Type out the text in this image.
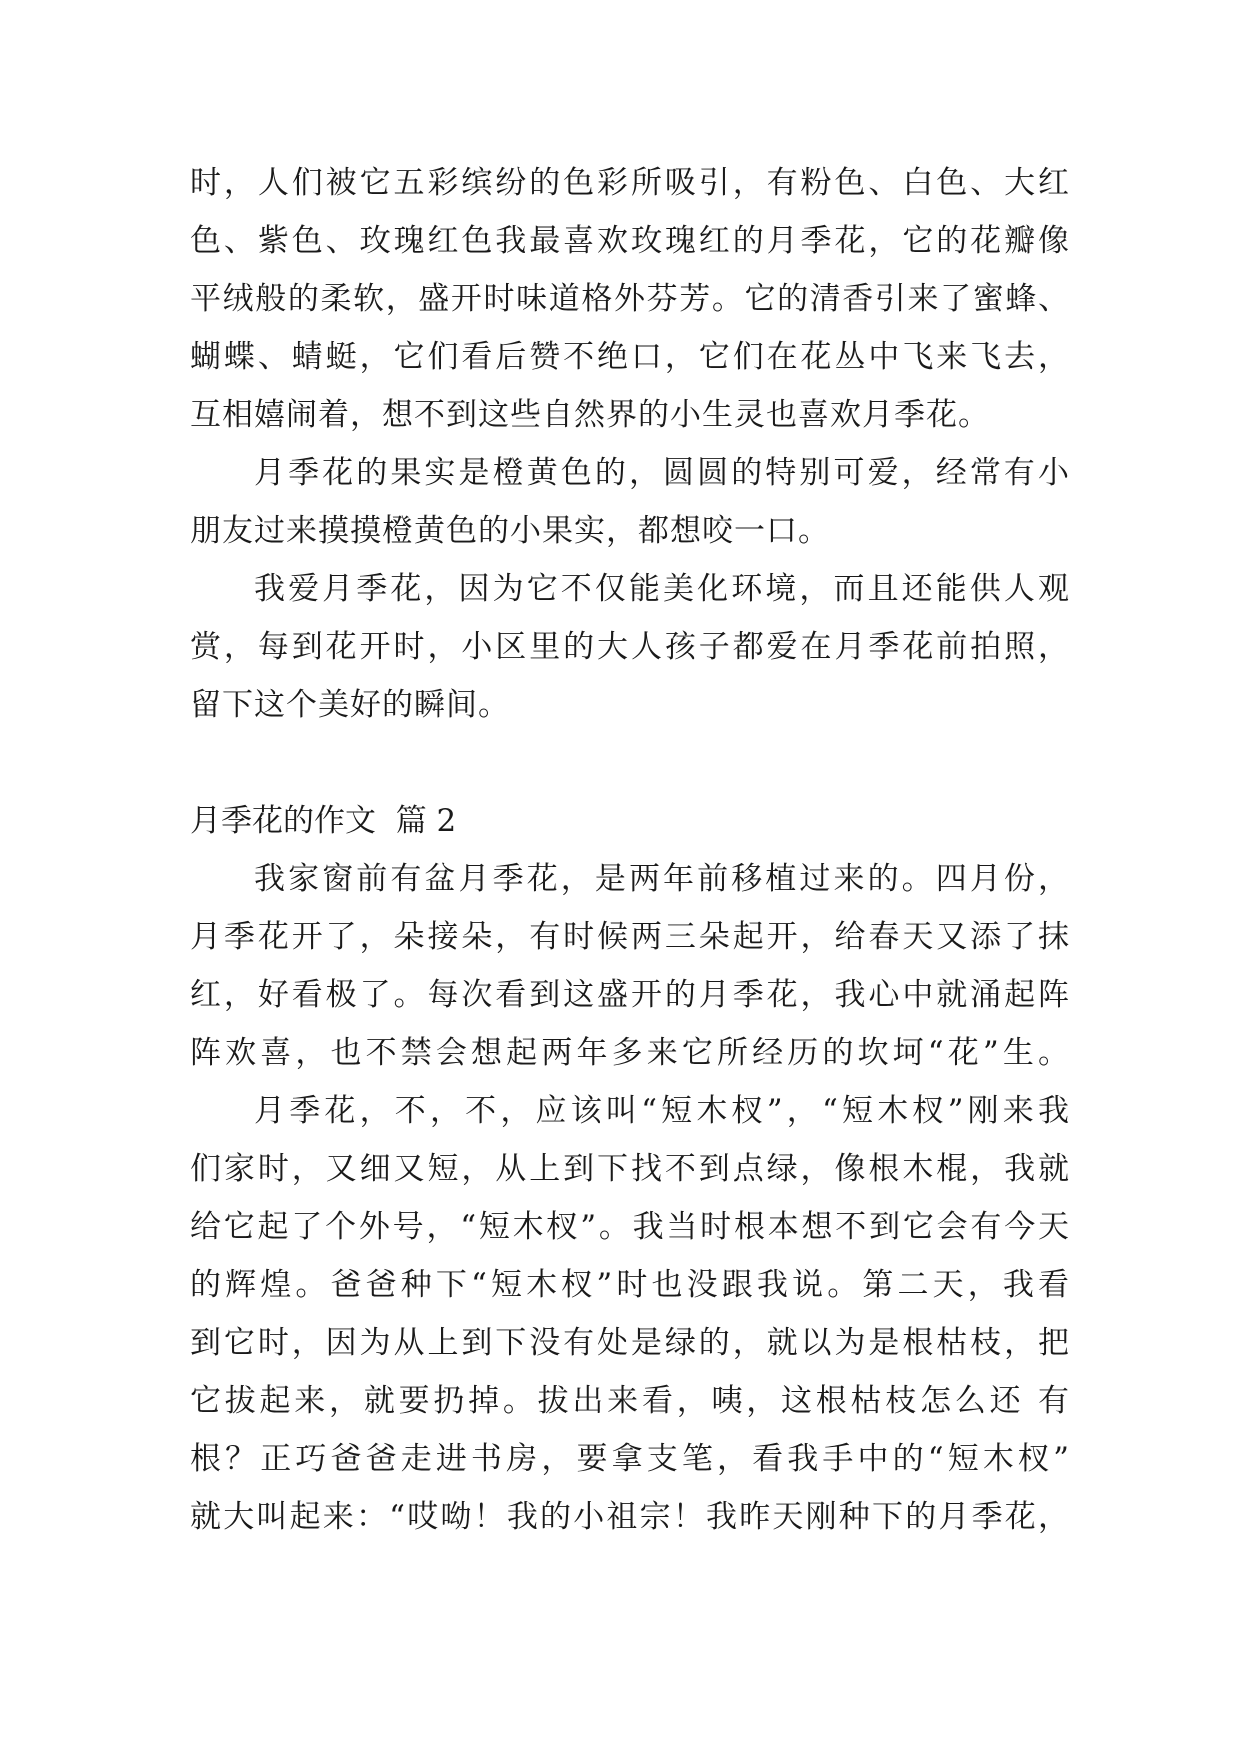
时，人们被它五彩缤纷的色彩所吸引，有粉色、白色、大红
色、紫色、玫瑰红色我最喜欢玫瑰红的月季花，它的花瓣像
平绒般的柔软，盛开时味道格外芬芳。它的清香引来了蜜蜂、
蝴蝶、蜻蜓，它们看后赞不绝口，它们在花丛中飞来飞去，
互相嬉闹着，想不到这些自然界的小生灵也喜欢月季花。
月季花的果实是橙黄色的，圆圆的特别可爱，经常有小
朋友过来摸摸橙黄色的小果实，都想咬一口。
我爱月季花，因为它不仅能美化环境，而且还能供人观
赏，每到花开时，小区里的大人孩子都爱在月季花前拍照，
留下这个美好的瞬间。
月季花的作文  篇 2
我家窗前有盆月季花，是两年前移植过来的。四月份，
月季花开了，朵接朵，有时候两三朵起开，给春天又添了抹
红，好看极了。每次看到这盛开的月季花，我心中就涌起阵
阵欢喜，也不禁会想起两年多来它所经历的坎坷“花”生。
月季花，不，不，应该叫“短木杈”，“短木杈”刚来我
们家时，又细又短，从上到下找不到点绿，像根木棍，我就
给它起了个外号，“短木杈”。我当时根本想不到它会有今天
的辉煌。爸爸种下“短木杈”时也没跟我说。第二天，我看
到它时，因为从上到下没有处是绿的，就以为是根枯枝，把
它拔起来，就要扔掉。拔出来看，咦，这根枯枝怎么还 有
根？正巧爸爸走进书房，要拿支笔，看我手中的“短木杈”
就大叫起来：“哎呦！我的小祖宗！我昨天刚种下的月季花，
